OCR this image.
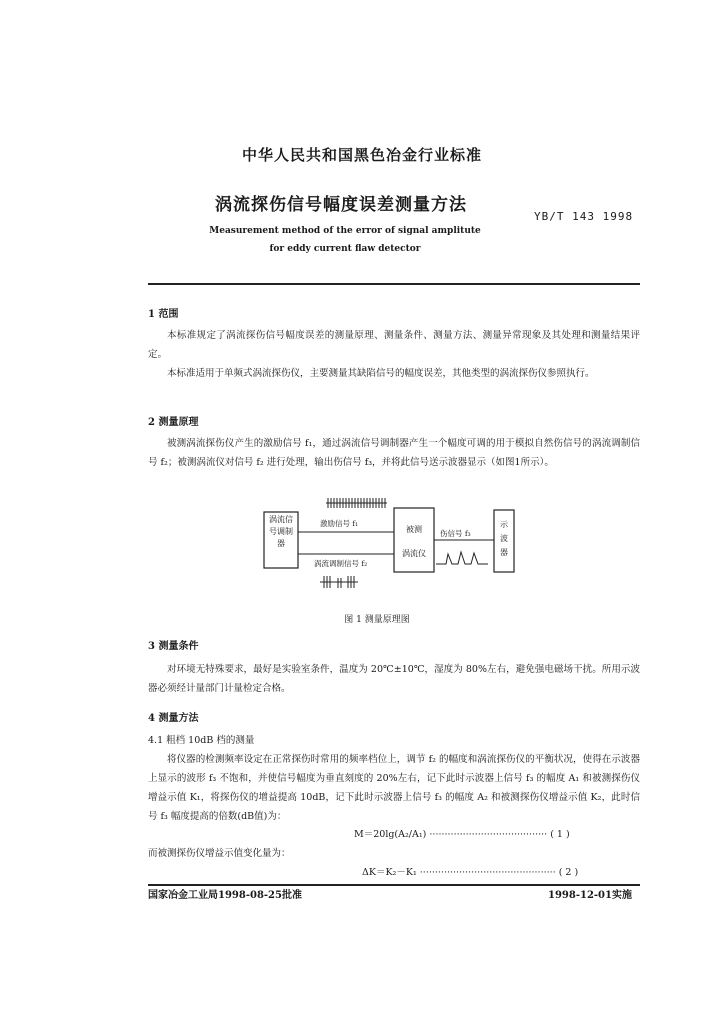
中华人民共和国黑色冶金行业标准
涡流探伤信号幅度误差测量方法
YB/T 143 1998
Measurement method of the error of signal amplitute
for eddy current flaw detector
1 范围

本标准规定了涡流探伤信号幅度误差的测量原理、测量条件、测量方法、测量异常现象及其处理和测量结果评定。

本标准适用于单频式涡流探伤仪，主要测量其缺陷信号的幅度误差，其他类型的涡流探伤仪参照执行。

2 测量原理

被测涡流探伤仪产生的激励信号 f₁，通过涡流信号调制器产生一个幅度可调的用于模拟自然伤信号的涡流调制信号 f₂；被测涡流仪对信号 f₂ 进行处理，输出伤信号 f₃，并将此信号送示波器显示（如图1所示）。

涡流信号调制器
被测
涡流仪
示波器
激励信号 f₁
涡流调制信号 f₂
伤信号 f₃
图 1 测量原理图
3 测量条件

对环境无特殊要求，最好是实验室条件，温度为 20℃±10℃，湿度为 80%左右，避免强电磁场干扰。所用示波器必须经计量部门计量检定合格。

4 测量方法
4.1 粗档 10dB 档的测量

将仪器的检测频率设定在正常探伤时常用的频率档位上，调节 f₂ 的幅度和涡流探伤仪的平衡状况，使得在示波器上显示的波形 f₃ 不饱和，并使信号幅度为垂直刻度的 20%左右，记下此时示波器上信号 f₃ 的幅度 A₁ 和被测探伤仪增益示值 K₁，将探伤仪的增益提高 10dB，记下此时示波器上信号 f₃ 的幅度 A₂ 和被测探伤仪增益示值 K₂，此时信号 f₃ 幅度提高的倍数(dB值)为：

M＝20lg(A₂/A₁) ······································· ( 1 )
而被测探伤仪增益示值变化量为：
ΔK＝K₂－K₁ ············································· ( 2 )
国家冶金工业局1998-08-25批准	1998-12-01实施
